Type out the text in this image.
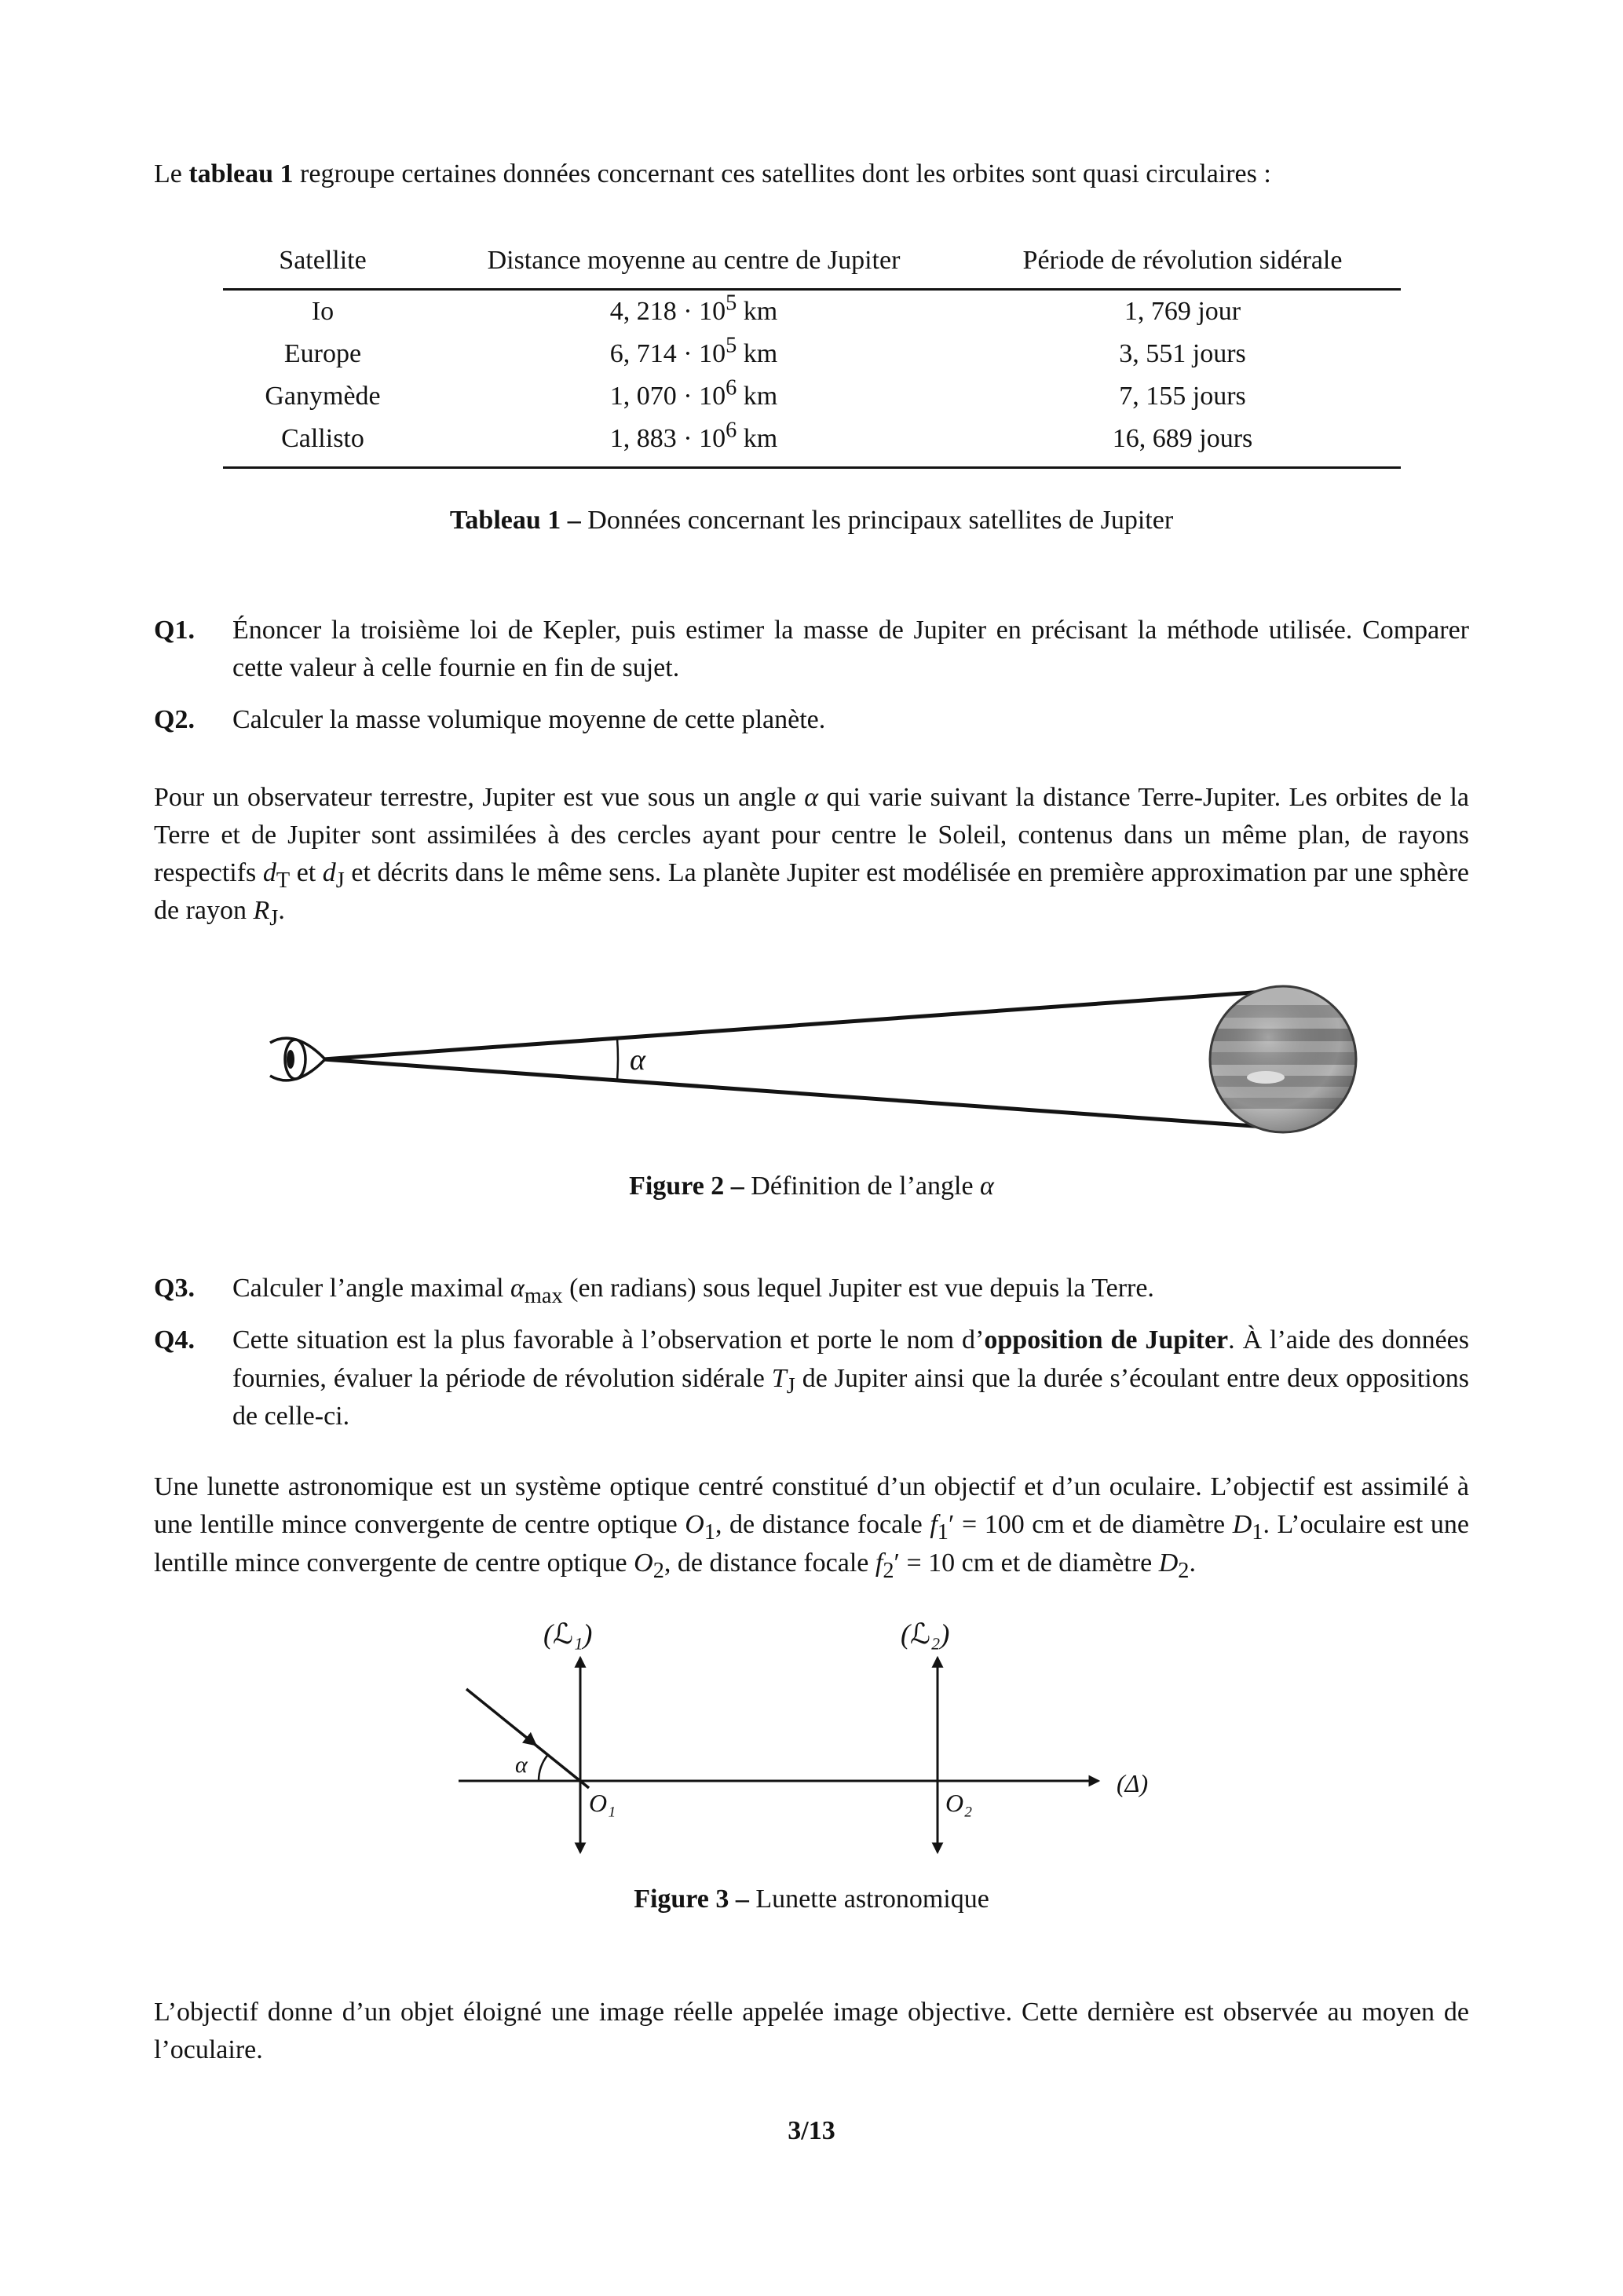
Le tableau 1 regroupe certaines données concernant ces satellites dont les orbites sont quasi circulaires :

Satellite	Distance moyenne au centre de Jupiter	Période de révolution sidérale
Io	4, $218 \cdot 10^5$ km	1, 769 jour
Europe	6, $714 \cdot 10^5$ km	3, 551 jours
Ganymède	1, $070 \cdot 10^6$ km	7, 155 jours
Callisto	1, $883 \cdot 10^6$ km	16, 689 jours

Tableau 1 – Données concernant les principaux satellites de Jupiter

Q1.	Énoncer la troisième loi de Kepler, puis estimer la masse de Jupiter en précisant la méthode utilisée. Comparer cette valeur à celle fournie en fin de sujet.
Q2.	Calculer la masse volumique moyenne de cette planète.

Pour un observateur terrestre, Jupiter est vue sous un angle α qui varie suivant la distance Terre-Jupiter. Les orbites de la Terre et de Jupiter sont assimilées à des cercles ayant pour centre le Soleil, contenus dans un même plan, de rayons respectifs $d_T$ et $d_J$ et décrits dans le même sens. La planète Jupiter est modélisée en première approximation par une sphère de rayon $R_J$.

α

Figure 2 – Définition de l’angle α

Q3.	Calculer l’angle maximal $\alpha_{max}$ (en radians) sous lequel Jupiter est vue depuis la Terre.
Q4.	Cette situation est la plus favorable à l’observation et porte le nom d’opposition de Jupiter. À l’aide des données fournies, évaluer la période de révolution sidérale $T_J$ de Jupiter ainsi que la durée s’écoulant entre deux oppositions de celle-ci.

Une lunette astronomique est un système optique centré constitué d’un objectif et d’un oculaire. L’objectif est assimilé à une lentille mince convergente de centre optique $O_1$, de distance focale $f_1' = 100$ cm et de diamètre $D_1$. L’oculaire est une lentille mince convergente de centre optique $O_2$, de distance focale $f_2' = 10$ cm et de diamètre $D_2$.

(Δ)
(ℒ₁)	(ℒ₂)
α
O₁	O₂

Figure 3 – Lunette astronomique

L’objectif donne d’un objet éloigné une image réelle appelée image objective. Cette dernière est observée au moyen de l’oculaire.

3/13
